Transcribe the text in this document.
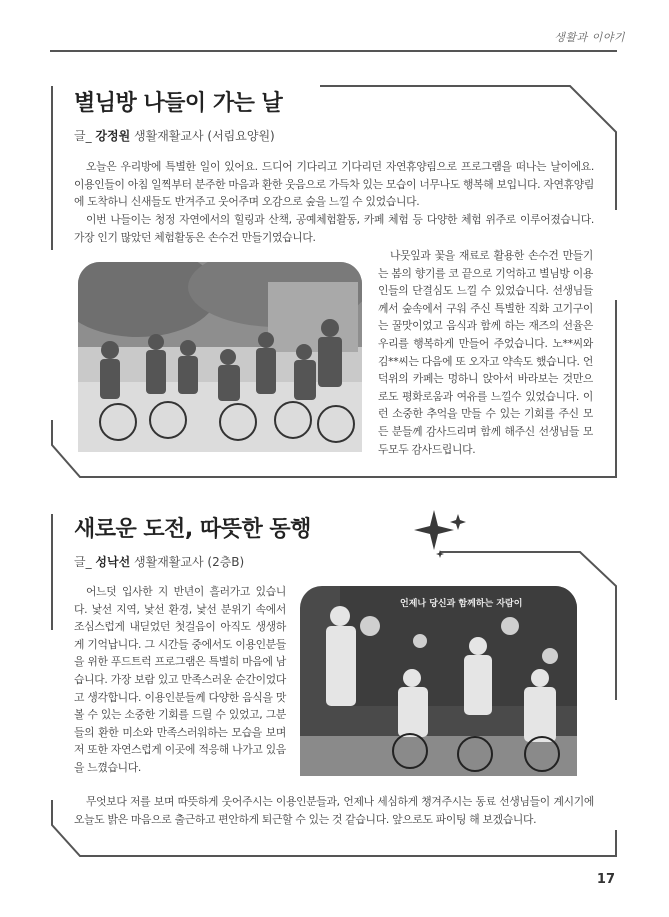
생활과 이야기
별님방 나들이 가는 날
글_ 강정원 생활재활교사 (서림요양원)

오늘은 우리방에 특별한 일이 있어요. 드디어 기다리고 기다리던 자연휴양림으로 프로그램을 떠나는 날이에요. 이용인들이 아침 일찍부터 분주한 마음과 환한 웃음으로 가득차 있는 모습이 너무나도 행복해 보입니다. 자연휴양림에 도착하니 신새들도 반겨주고 웃어주며 오감으로 숲을 느낄 수 있었습니다.

이번 나들이는 청정 자연에서의 힐링과 산책, 공예체험활동, 카페 체험 등 다양한 체험 위주로 이루어졌습니다. 가장 인기 많았던 체험활동은 손수건 만들기였습니다.

나뭇잎과 꽃을 재료로 활용한 손수건 만들기는 봄의 향기를 코 끝으로 기억하고 별님방 이용인들의 단결심도 느낄 수 있었습니다. 선생님들께서 숲속에서 구워 주신 특별한 직화 고기구이는 꿀맛이었고 음식과 함께 하는 재즈의 선율은 우리를 행복하게 만들어 주었습니다. 노**씨와 김**씨는 다음에 또 오자고 약속도 했습니다. 언덕위의 카페는 멍하니 앉아서 바라보는 것만으로도 평화로움과 여유를 느낄수 있었습니다. 이런 소중한 추억을 만들 수 있는 기회를 주신 모든 분들께 감사드리며 함께 해주신 선생님들 모두모두 감사드립니다.

새로운 도전, 따뜻한 동행
글_ 성낙선 생활재활교사 (2층B)

어느덧 입사한 지 반년이 흘러가고 있습니다. 낯선 지역, 낯선 환경, 낯선 분위기 속에서 조심스럽게 내딛었던 첫걸음이 아직도 생생하게 기억납니다. 그 시간들 중에서도 이용인분들을 위한 푸드트럭 프로그램은 특별히 마음에 남습니다. 가장 보람 있고 만족스러운 순간이었다고 생각합니다. 이용인분들께 다양한 음식을 맛볼 수 있는 소중한 기회를 드릴 수 있었고, 그분들의 환한 미소와 만족스러워하는 모습을 보며 저 또한 자연스럽게 이곳에 적응해 나가고 있음을 느꼈습니다.

언제나 당신과 함께하는 자람이

무엇보다 저를 보며 따뜻하게 웃어주시는 이용인분들과, 언제나 세심하게 챙겨주시는 동료 선생님들이 계시기에 오늘도 밝은 마음으로 출근하고 편안하게 퇴근할 수 있는 것 같습니다. 앞으로도 파이팅 해 보겠습니다.

17
